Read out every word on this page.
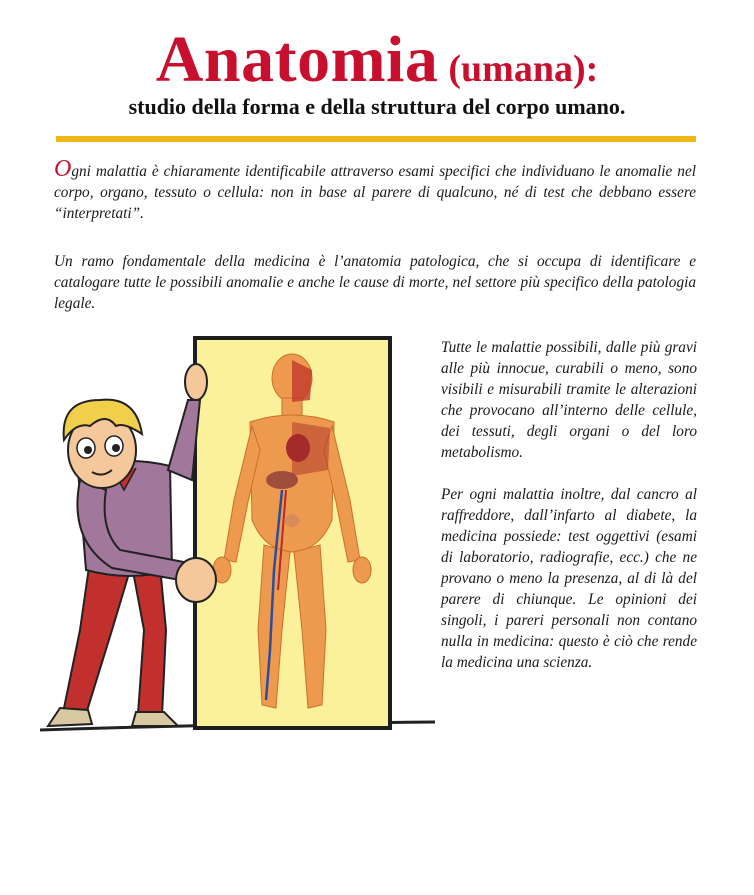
Anatomia (umana):
studio della forma e della struttura del corpo umano.
Ogni malattia è chiaramente identificabile attraverso esami specifici che individuano le anomalie nel corpo, organo, tessuto o cellula: non in base al parere di qualcuno, né di test che debbano essere “interpretati”.
Un ramo fondamentale della medicina è l’anatomia patologica, che si occupa di identificare e catalogare tutte le possibili anomalie e anche le cause di morte, nel settore più specifico della patologia legale.
Tutte le malattie possibili, dalle più gravi alle più innocue, curabili o meno, sono visibili e misurabili tramite le alterazioni che provocano all’interno delle cellule, dei tessuti, degli organi o del loro metabolismo.
Per ogni malattia inoltre, dal cancro al raffreddore, dall’infarto al diabete, la medicina possiede: test oggettivi (esami di laboratorio, radiografie, ecc.) che ne provano o meno la presenza, al di là del parere di chiunque. Le opinioni dei singoli, i pareri personali non contano nulla in medicina: questo è ciò che rende la medicina una scienza.
